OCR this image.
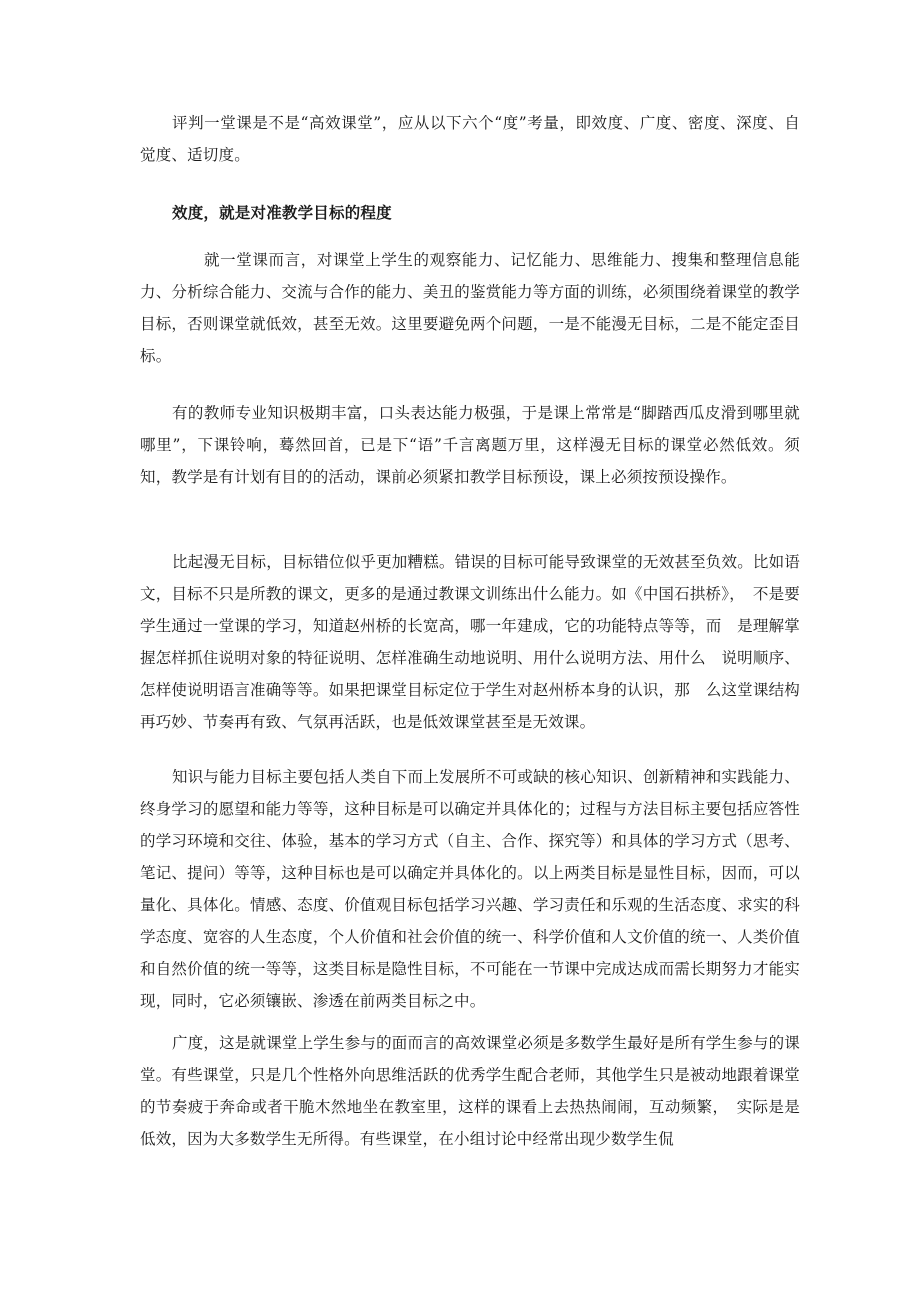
评判一堂课是不是“高效课堂”，应从以下六个“度”考量，即效度、广度、密度、深度、自觉度、适切度。

效度，就是对准教学目标的程度

就一堂课而言，对课堂上学生的观察能力、记忆能力、思维能力、搜集和整理信息能力、分析综合能力、交流与合作的能力、美丑的鉴赏能力等方面的训练，必须围绕着课堂的教学目标，否则课堂就低效，甚至无效。这里要避免两个问题，一是不能漫无目标，二是不能定歪目标。

有的教师专业知识极期丰富，口头表达能力极强，于是课上常常是“脚踏西瓜皮滑到哪里就哪里”，下课铃响，蓦然回首，已是下“语”千言离题万里，这样漫无目标的课堂必然低效。须知，教学是有计划有目的的活动，课前必须紧扣教学目标预设，课上必须按预设操作。

比起漫无目标，目标错位似乎更加糟糕。错误的目标可能导致课堂的无效甚至负效。比如语文，目标不只是所教的课文，更多的是通过教课文训练出什么能力。如《中国石拱桥》，　不是要学生通过一堂课的学习，知道赵州桥的长宽高，哪一年建成，它的功能特点等等，而　是理解掌握怎样抓住说明对象的特征说明、怎样准确生动地说明、用什么说明方法、用什么　说明顺序、怎样使说明语言准确等等。如果把课堂目标定位于学生对赵州桥本身的认识，那　么这堂课结构再巧妙、节奏再有致、气氛再活跃，也是低效课堂甚至是无效课。

知识与能力目标主要包括人类自下而上发展所不可或缺的核心知识、创新精神和实践能力、终身学习的愿望和能力等等，这种目标是可以确定并具体化的；过程与方法目标主要包括应答性的学习环境和交往、体验，基本的学习方式（自主、合作、探究等）和具体的学习方式（思考、笔记、提问）等等，这种目标也是可以确定并具体化的。以上两类目标是显性目标，因而，可以量化、具体化。情感、态度、价值观目标包括学习兴趣、学习责任和乐观的生活态度、求实的科学态度、宽容的人生态度，个人价值和社会价值的统一、科学价值和人文价值的统一、人类价值和自然价值的统一等等，这类目标是隐性目标，不可能在一节课中完成达成而需长期努力才能实现，同时，它必须镶嵌、渗透在前两类目标之中。

广度，这是就课堂上学生参与的面而言的高效课堂必须是多数学生最好是所有学生参与的课堂。有些课堂，只是几个性格外向思维活跃的优秀学生配合老师，其他学生只是被动地跟着课堂的节奏疲于奔命或者干脆木然地坐在教室里，这样的课看上去热热闹闹，互动频繁，　实际是是低效，因为大多数学生无所得。有些课堂，在小组讨论中经常出现少数学生侃
